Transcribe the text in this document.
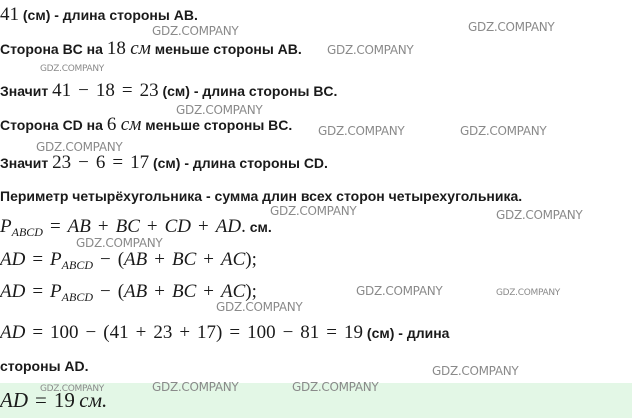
41 (см) - длина стороны AB.
Сторона BC на 18 см меньше стороны AB.
Значит 41 − 18 = 23 (см) - длина стороны BC.
Сторона CD на 6 см меньше стороны BC.
Значит 23 − 6 = 17 (см) - длина стороны CD.
Периметр четырёхугольника - сумма длин всех сторон четырехугольника.
$P_{ABCD}$ = AB + BC + CD + AD. см.
AD = $P_{ABCD} - (AB$ + BC + AC);
AD = $P_{ABCD} - (AB$ + BC + AC);
AD = 100 − (41 + 23 + 17) = 100 − 81 = 19 (см) - длина
стороны AD.
AD = 19 см.
GDZ.COMPANY	GDZ.COMPANY
GDZ.COMPANY
GDZ.COMPANY
GDZ.COMPANY
GDZ.COMPANY	GDZ.COMPANY
GDZ.COMPANY
GDZ.COMPANY	GDZ.COMPANY
GDZ.COMPANY
GDZ.COMPANY	GDZ.COMPANY
GDZ.COMPANY
GDZ.COMPANY
GDZ.COMPANY	GDZ.COMPANY	GDZ.COMPANY
